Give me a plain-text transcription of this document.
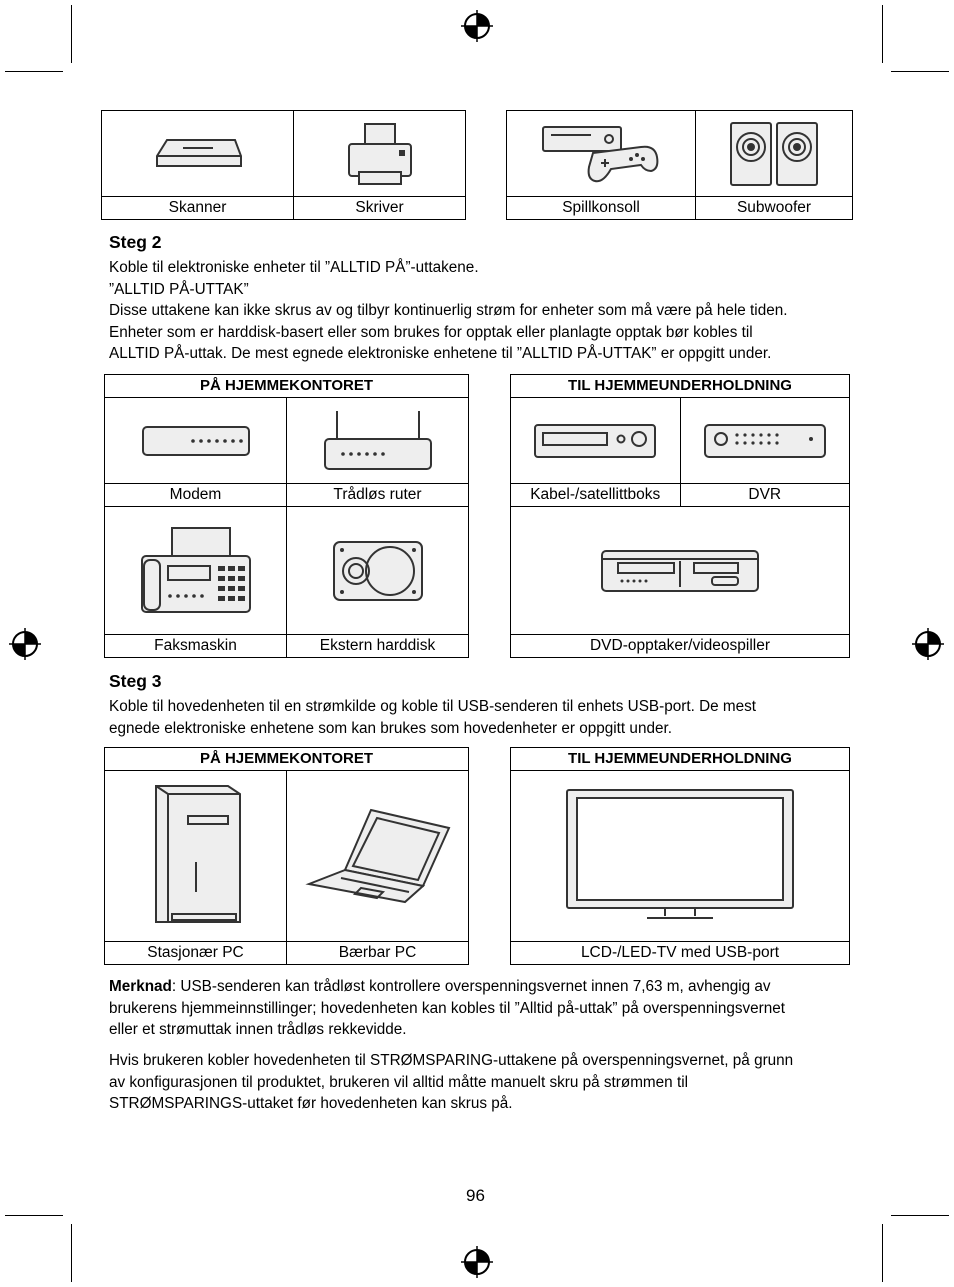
Skanner	Skriver
		Spillkonsoll	Subwoofer
Steg 2
Koble til elektroniske enheter til ”ALLTID PÅ”-uttakene.
”ALLTID PÅ-UTTAK”
Disse uttakene kan ikke skrus av og tilbyr kontinuerlig strøm for enheter som må være på hele tiden.
Enheter som er harddisk-basert eller som brukes for opptak eller planlagte opptak bør kobles til
ALLTID PÅ-uttak. De mest egnede elektroniske enhetene til ”ALLTID PÅ-UTTAK” er oppgitt under.
PÅ HJEMMEKONTORET	

Modem	Trådløs ruter

Faksmaskin	Ekstern harddisk
TIL HJEMMEUNDERHOLDNING	

Kabel-/satellittboks	DVR

DVD-opptaker/videospiller	
Steg 3
Koble til hovedenheten til en strømkilde og koble til USB-senderen til enhets USB-port. De mest
egnede elektroniske enhetene som kan brukes som hovedenheter er oppgitt under.
PÅ HJEMMEKONTORET	

Stasjonær PC	Bærbar PC
TIL HJEMMEUNDERHOLDNING

LCD-/LED-TV med USB-port
Merknad: USB-senderen kan trådløst kontrollere overspenningsvernet innen 7,63 m, avhengig av
brukerens hjemmeinnstillinger; hovedenheten kan kobles til ”Alltid på-uttak” på overspenningsvernet
eller et strømuttak innen trådløs rekkevidde.
Hvis brukeren kobler hovedenheten til STRØMSPARING-uttakene på overspenningsvernet, på grunn
av konfigurasjonen til produktet, brukeren vil alltid måtte manuelt skru på strømmen til
STRØMSPARINGS-uttaket før hovedenheten kan skrus på.
96
